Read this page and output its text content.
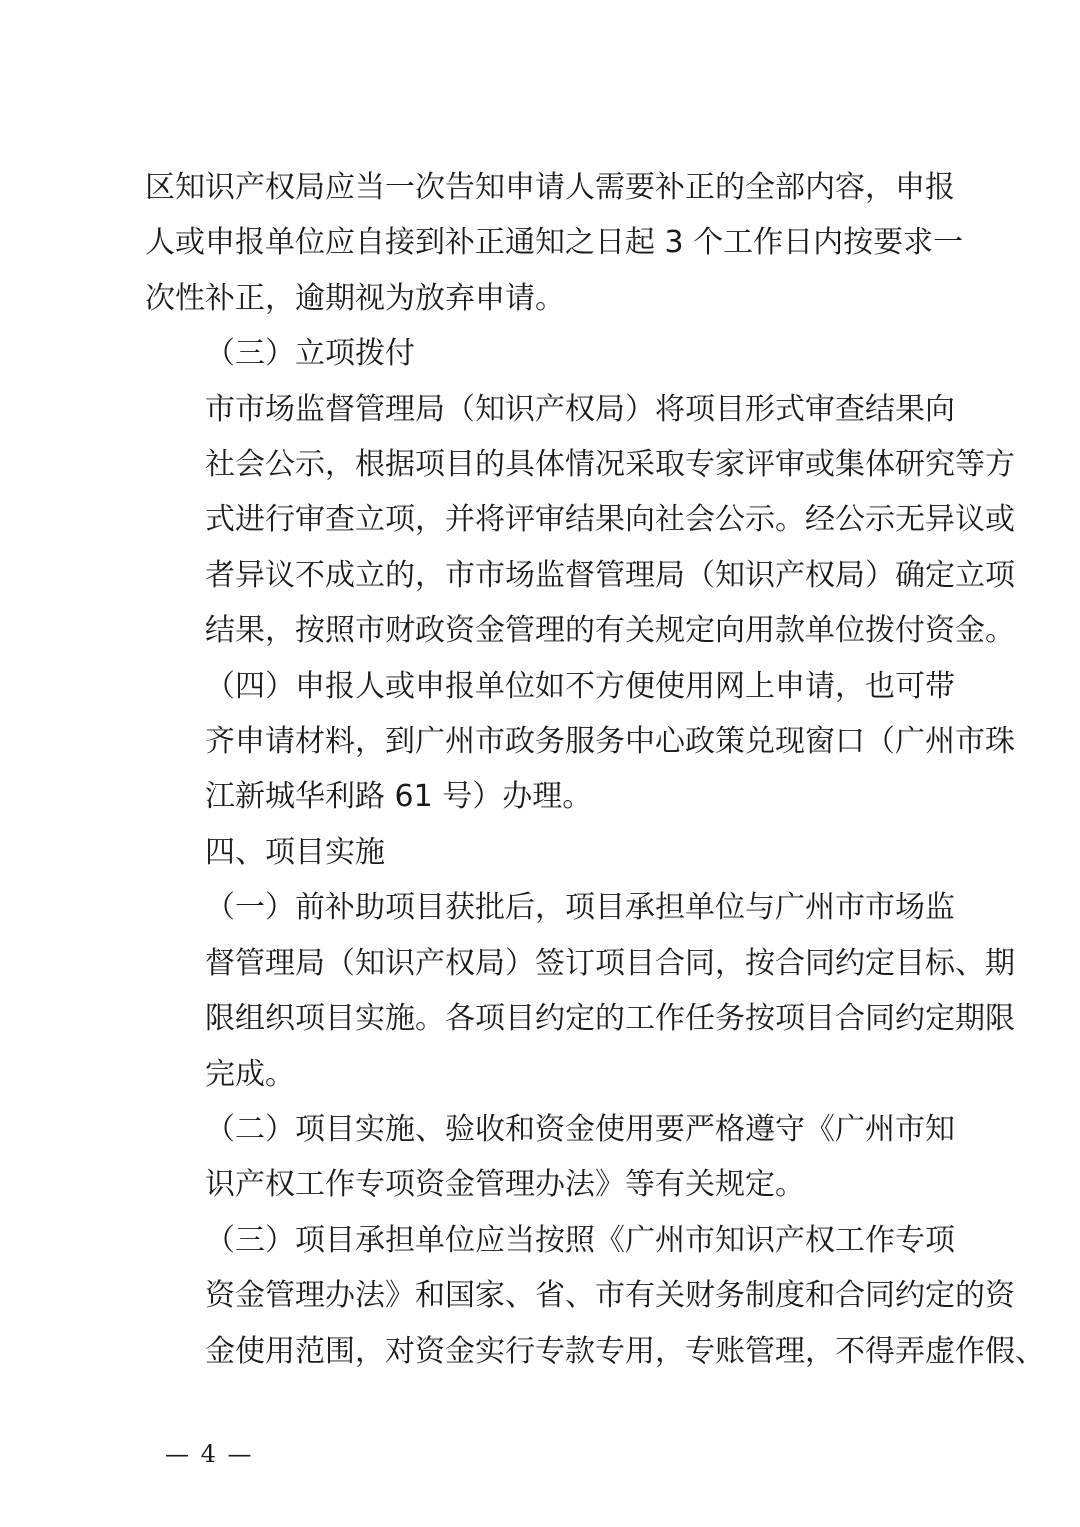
区知识产权局应当一次告知申请人需要补正的全部内容，申报
人或申报单位应自接到补正通知之日起 3 个工作日内按要求一
次性补正，逾期视为放弃申请。

（三）立项拨付

市市场监督管理局（知识产权局）将项目形式审查结果向
社会公示，根据项目的具体情况采取专家评审或集体研究等方
式进行审查立项，并将评审结果向社会公示。经公示无异议或
者异议不成立的，市市场监督管理局（知识产权局）确定立项
结果，按照市财政资金管理的有关规定向用款单位拨付资金。

（四）申报人或申报单位如不方便使用网上申请，也可带
齐申请材料，到广州市政务服务中心政策兑现窗口（广州市珠
江新城华利路 61 号）办理。

四、项目实施

（一）前补助项目获批后，项目承担单位与广州市市场监
督管理局（知识产权局）签订项目合同，按合同约定目标、期
限组织项目实施。各项目约定的工作任务按项目合同约定期限
完成。

（二）项目实施、验收和资金使用要严格遵守《广州市知
识产权工作专项资金管理办法》等有关规定。

（三）项目承担单位应当按照《广州市知识产权工作专项
资金管理办法》和国家、省、市有关财务制度和合同约定的资
金使用范围，对资金实行专款专用，专账管理，不得弄虚作假、

— 4 —
